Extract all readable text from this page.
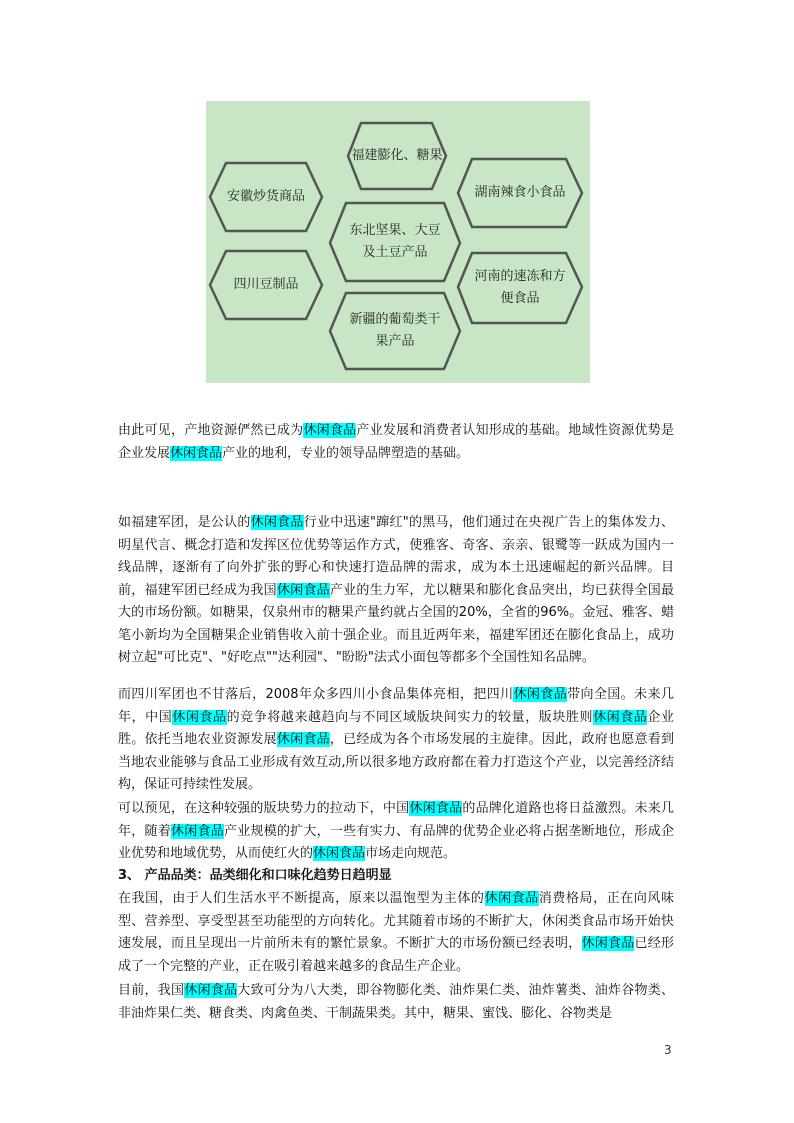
福建膨化、糖果
安徽炒货商品	湖南辣食小食品
东北坚果、大豆
及土豆产品
四川豆制品
河南的速冻和方
便食品
新疆的葡萄类干
果产品
由此可见，产地资源俨然已成为休闲食品产业发展和消费者认知形成的基础。地域性资源优势是企业发展休闲食品产业的地利，专业的领导品牌塑造的基础。
如福建军团，是公认的休闲食品行业中迅速"蹿红"的黑马，他们通过在央视广告上的集体发力、明星代言、概念打造和发挥区位优势等运作方式，使雅客、奇客、亲亲、银鹭等一跃成为国内一线品牌，逐渐有了向外扩张的野心和快速打造品牌的需求，成为本土迅速崛起的新兴品牌。目前，福建军团已经成为我国休闲食品产业的生力军，尤以糖果和膨化食品突出，均已获得全国最大的市场份额。如糖果，仅泉州市的糖果产量约就占全国的20%，全省的96%。金冠、雅客、蜡笔小新均为全国糖果企业销售收入前十强企业。而且近两年来，福建军团还在膨化食品上，成功树立起"可比克"、"好吃点""达利园"、"盼盼"法式小面包等都多个全国性知名品牌。
而四川军团也不甘落后，2008年众多四川小食品集体亮相，把四川休闲食品带向全国。未来几年，中国休闲食品的竞争将越来越趋向与不同区域版块间实力的较量，版块胜则休闲食品企业胜。依托当地农业资源发展休闲食品，已经成为各个市场发展的主旋律。因此，政府也愿意看到当地农业能够与食品工业形成有效互动,所以很多地方政府都在着力打造这个产业，以完善经济结构，保证可持续性发展。
可以预见，在这种较强的版块势力的拉动下，中国休闲食品的品牌化道路也将日益激烈。未来几年，随着休闲食品产业规模的扩大，一些有实力、有品牌的优势企业必将占据垄断地位，形成企业优势和地域优势，从而使红火的休闲食品市场走向规范。
3、 产品品类：品类细化和口味化趋势日趋明显
在我国，由于人们生活水平不断提高，原来以温饱型为主体的休闲食品消费格局，正在向风味型、营养型、享受型甚至功能型的方向转化。尤其随着市场的不断扩大，休闲类食品市场开始快速发展，而且呈现出一片前所未有的繁忙景象。不断扩大的市场份额已经表明，休闲食品已经形成了一个完整的产业，正在吸引着越来越多的食品生产企业。
目前，我国休闲食品大致可分为八大类，即谷物膨化类、油炸果仁类、油炸薯类、油炸谷物类、非油炸果仁类、糖食类、肉禽鱼类、干制蔬果类。其中，糖果、蜜饯、膨化、谷物类是
3
